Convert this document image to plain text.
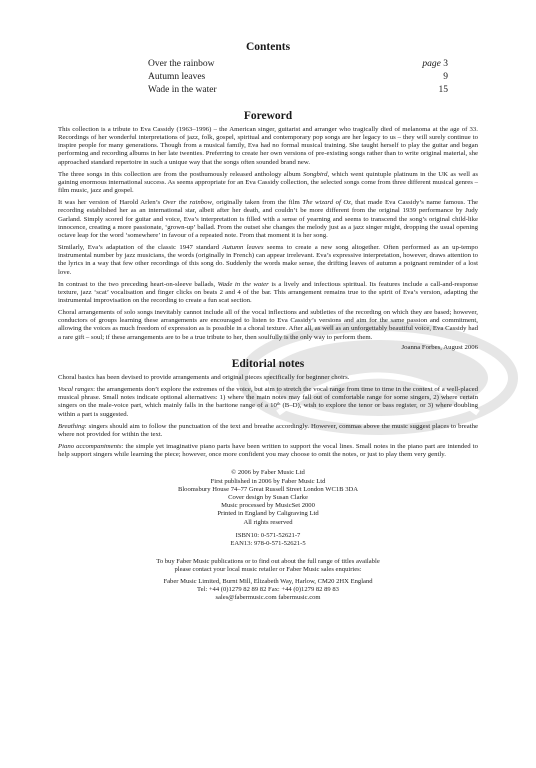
Contents
Over the rainbow	page 3
Autumn leaves	9
Wade in the water	15
Foreword

This collection is a tribute to Eva Cassidy (1963–1996) – the American singer, guitarist and arranger who tragically died of melanoma at the age of 33. Recordings of her wonderful interpretations of jazz, folk, gospel, spiritual and contemporary pop songs are her legacy to us – they will surely continue to inspire people for many generations. Though from a musical family, Eva had no formal musical training. She taught herself to play the guitar and began performing and recording albums in her late twenties. Preferring to create her own versions of pre-existing songs rather than to write original material, she approached standard repertoire in such a unique way that the songs often sounded brand new.

The three songs in this collection are from the posthumously released anthology album Songbird, which went quintuple platinum in the UK as well as gaining enormous international success. As seems appropriate for an Eva Cassidy collection, the selected songs come from three different musical genres – film music, jazz and gospel.

It was her version of Harold Arlen’s Over the rainbow, originally taken from the film The wizard of Oz, that made Eva Cassidy’s name famous. The recording established her as an international star, albeit after her death, and couldn’t be more different from the original 1939 performance by Judy Garland. Simply scored for guitar and voice, Eva’s interpretation is filled with a sense of yearning and seems to transcend the song’s original child-like innocence, creating a more passionate, ‘grown-up’ ballad. From the outset she changes the melody just as a jazz singer might, dropping the usual opening octave leap for the word ‘somewhere’ in favour of a repeated note. From that moment it is her song.

Similarly, Eva’s adaptation of the classic 1947 standard Autumn leaves seems to create a new song altogether. Often performed as an up-tempo instrumental number by jazz musicians, the words (originally in French) can appear irrelevant. Eva’s expressive interpretation, however, draws attention to the lyrics in a way that few other recordings of this song do. Suddenly the words make sense, the drifting leaves of autumn a poignant reminder of a lost love.

In contrast to the two preceding heart-on-sleeve ballads, Wade in the water is a lively and infectious spiritual. Its features include a call-and-response texture, jazz ‘scat’ vocalisation and finger clicks on beats 2 and 4 of the bar. This arrangement remains true to the spirit of Eva’s version, adapting the instrumental improvisation on the recording to create a fun scat section.

Choral arrangements of solo songs inevitably cannot include all of the vocal inflections and subtleties of the recording on which they are based; however, conductors of groups learning these arrangements are encouraged to listen to Eva Cassidy’s versions and aim for the same passion and commitment, allowing the voices as much freedom of expression as is possible in a choral texture. After all, as well as an unforgettably beautiful voice, Eva Cassidy had a rare gift – soul; if these arrangements are to be a true tribute to her, then soulfully is the only way to perform them.

Joanna Forbes, August 2006

Editorial notes

Choral basics has been devised to provide arrangements and original pieces specifically for beginner choirs.

Vocal ranges: the arrangements don’t explore the extremes of the voice, but aim to stretch the vocal range from time to time in the context of a well-placed musical phrase. Small notes indicate optional alternatives: 1) where the main notes may fall out of comfortable range for some singers, 2) where certain singers on the male-voice part, which mainly falls in the baritone range of a 10ᵗʰ (B–D), wish to explore the tenor or bass register, or 3) where doubling within a part is suggested.

Breathing: singers should aim to follow the punctuation of the text and breathe accordingly. However, commas above the music suggest places to breathe where not provided for within the text.

Piano accompaniments: the simple yet imaginative piano parts have been written to support the vocal lines. Small notes in the piano part are intended to help support singers while learning the piece; however, once more confident you may choose to omit the notes, or just to play them very gently.

© 2006 by Faber Music Ltd
First published in 2006 by Faber Music Ltd
Bloomsbury House 74–77 Great Russell Street London WC1B 3DA
Cover design by Susan Clarke
Music processed by MusicSet 2000
Printed in England by Caligraving Ltd
All rights reserved
ISBN10: 0-571-52621-7
EAN13: 978-0-571-52621-5
To buy Faber Music publications or to find out about the full range of titles available
please contact your local music retailer or Faber Music sales enquiries:
Faber Music Limited, Burnt Mill, Elizabeth Way, Harlow, CM20 2HX England
Tel: +44 (0)1279 82 89 82 Fax: +44 (0)1279 82 89 83
sales@fabermusic.com fabermusic.com
